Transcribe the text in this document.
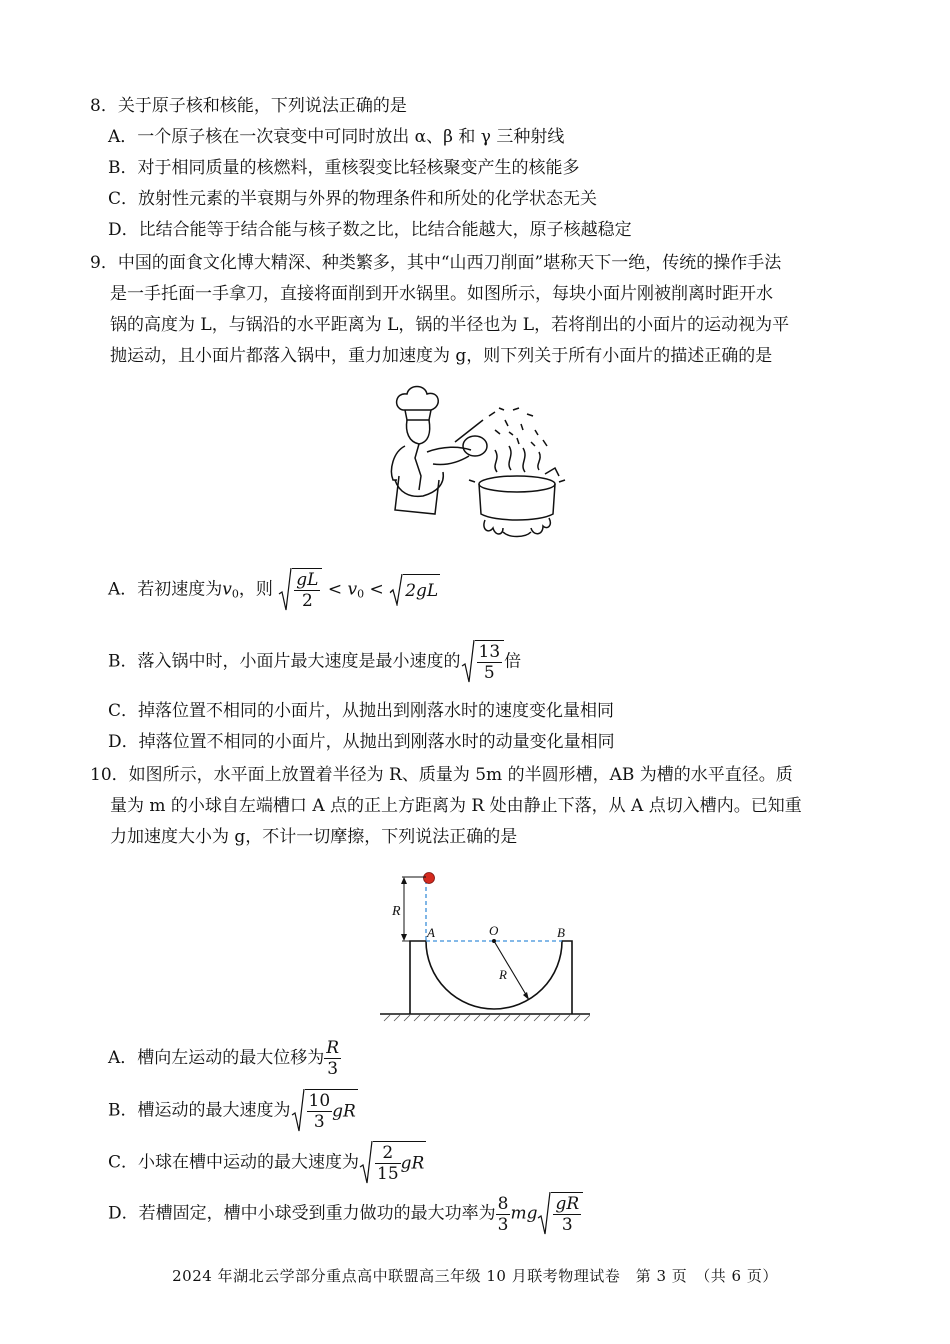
8．关于原子核和核能，下列说法正确的是
A．一个原子核在一次衰变中可同时放出 α、β 和 γ 三种射线
B．对于相同质量的核燃料，重核裂变比轻核聚变产生的核能多
C．放射性元素的半衰期与外界的物理条件和所处的化学状态无关
D．比结合能等于结合能与核子数之比，比结合能越大，原子核越稳定
9．中国的面食文化博大精深、种类繁多，其中“山西刀削面”堪称天下一绝，传统的操作手法
是一手托面一手拿刀，直接将面削到开水锅里。如图所示，每块小面片刚被削离时距开水
锅的高度为 L，与锅沿的水平距离为 L，锅的半径也为 L，若将削出的小面片的运动视为平
抛运动，且小面片都落入锅中，重力加速度为 g，则下列关于所有小面片的描述正确的是
A．若初速度为$v_0$，则 $\frac{gL}{2} < v_0 < 2gL$
B．落入锅中时，小面片最大速度是最小速度的 $\frac{13}{5}$ 倍
C．掉落位置不相同的小面片，从抛出到刚落水时的速度变化量相同
D．掉落位置不相同的小面片，从抛出到刚落水时的动量变化量相同
10．如图所示，水平面上放置着半径为 R、质量为 5m 的半圆形槽，AB 为槽的水平直径。质
量为 m 的小球自左端槽口 A 点的正上方距离为 R 处由静止下落，从 A 点切入槽内。已知重
力加速度大小为 g，不计一切摩擦，下列说法正确的是
R
A	O	B
R
A．槽向左运动的最大位移为 $\frac{R}{3}$
B．槽运动的最大速度为 $\frac{10}{3}$ gR
C．小球在槽中运动的最大速度为 $\frac{2}{15}$ gR
D．若槽固定，槽中小球受到重力做功的最大功率为 $\frac{8}{3}$ mg $\frac{gR}{3}$
2024 年湖北云学部分重点高中联盟高三年级 10 月联考物理试卷　第 3 页　（共 6 页）
